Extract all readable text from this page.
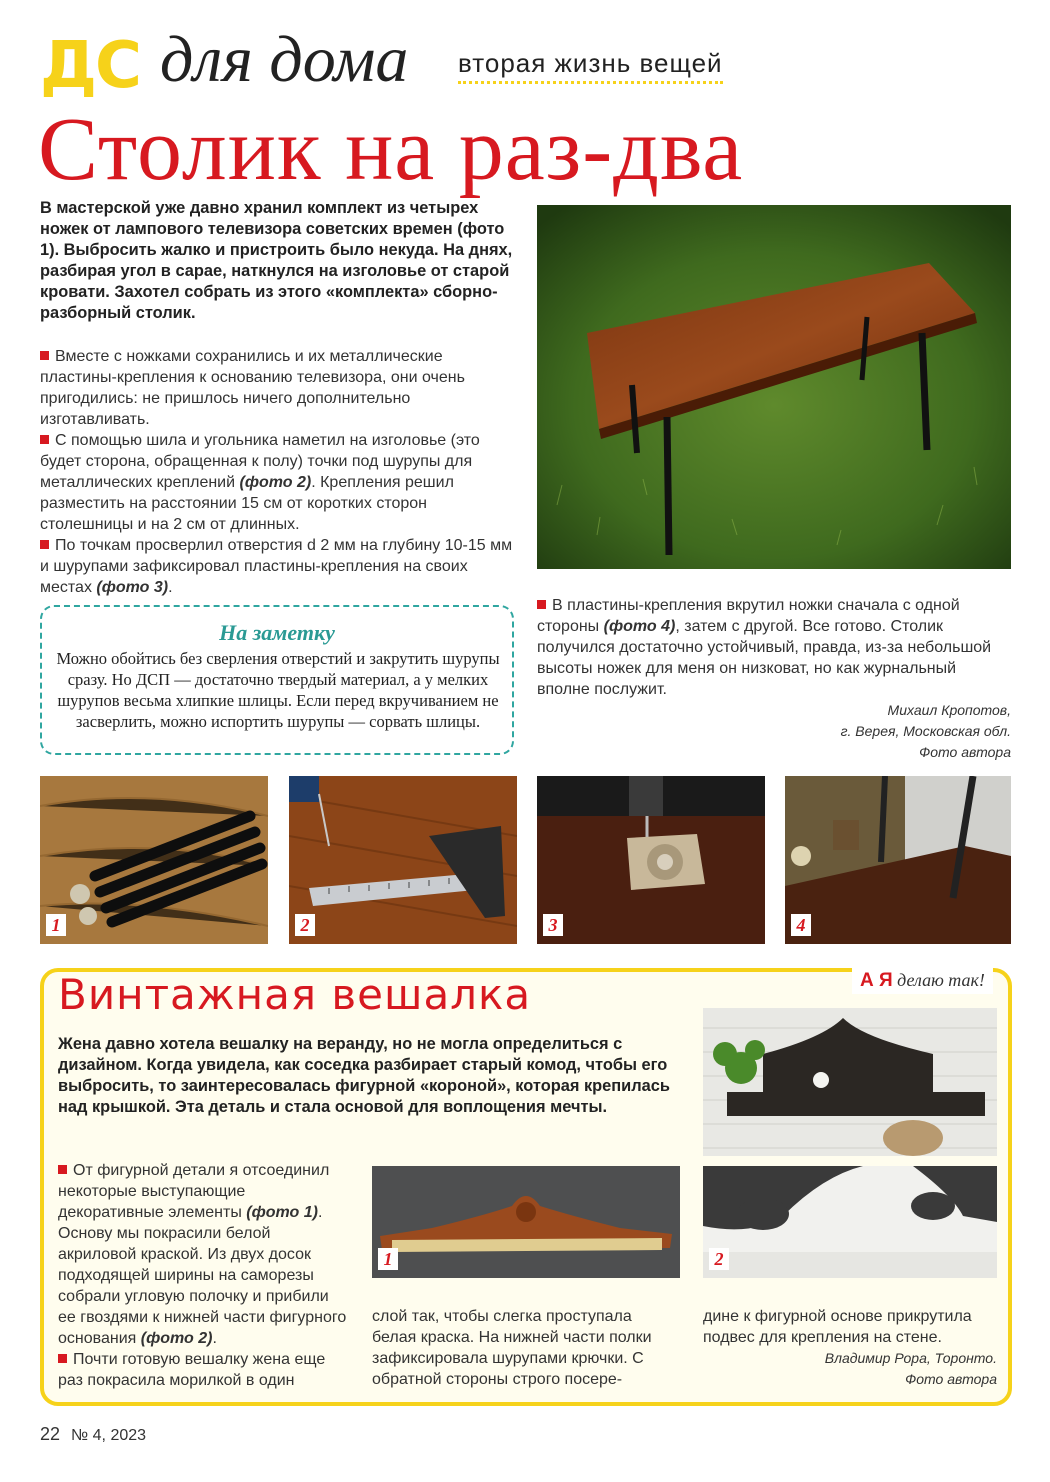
ДС для дома вторая жизнь вещей
Столик на раз-два
В мастерской уже давно хранил комплект из четырех ножек от лампового телевизора советских времен (фото 1). Выбросить жалко и пристроить было некуда. На днях, разбирая угол в сарае, наткнулся на изголовье от старой кровати. Захотел собрать из этого «комплекта» сборно-разборный столик.
Вместе с ножками сохранились и их металлические пластины-крепления к основанию телевизора, они очень пригодились: не пришлось ничего дополнительно изготавливать.
С помощью шила и угольника наметил на изголовье (это будет сторона, обращенная к полу) точки под шурупы для металлических креплений (фото 2). Крепления решил разместить на расстоянии 15 см от коротких сторон столешницы и на 2 см от длинных.
По точкам просверлил отверстия d 2 мм на глубину 10-15 мм и шурупами зафиксировал пластины-крепления на своих местах (фото 3).
На заметку
Можно обойтись без сверления отверстий и закрутить шурупы сразу. Но ДСП — достаточно твердый материал, а у мелких шурупов весьма хлипкие шлицы. Если перед вкручиванием не засверлить, можно испортить шурупы — сорвать шлицы.
В пластины-крепления вкрутил ножки сначала с одной стороны (фото 4), затем с другой. Все готово. Столик получился достаточно устойчивый, правда, из-за небольшой высоты ножек для меня он низковат, но как журнальный вполне послужит.
Михаил Кропотов,
г. Верея, Московская обл.
Фото автора
1	2	3	4
Винтажная вешалка	А Я делаю так!
Жена давно хотела вешалку на веранду, но не могла определиться с дизайном. Когда увидела, как соседка разбирает старый комод, чтобы его выбросить, то заинтересовалась фигурной «короной», которая крепилась над крышкой. Эта деталь и стала основой для воплощения мечты.
1	2
От фигурной детали я отсоединил некоторые выступающие декоративные элементы (фото 1). Основу мы покрасили белой акриловой краской. Из двух досок подходящей ширины на саморезы собрали угловую полочку и прибили ее гвоздями к нижней части фигурного основания (фото 2).
Почти готовую вешалку жена еще раз покрасила морилкой в один
слой так, чтобы слегка проступала белая краска. На нижней части полки зафиксировала шурупами крючки. С обратной стороны строго посере-
дине к фигурной основе прикрутила подвес для крепления на стене.
Владимир Рора, Торонто.
Фото автора
22 № 4, 2023
